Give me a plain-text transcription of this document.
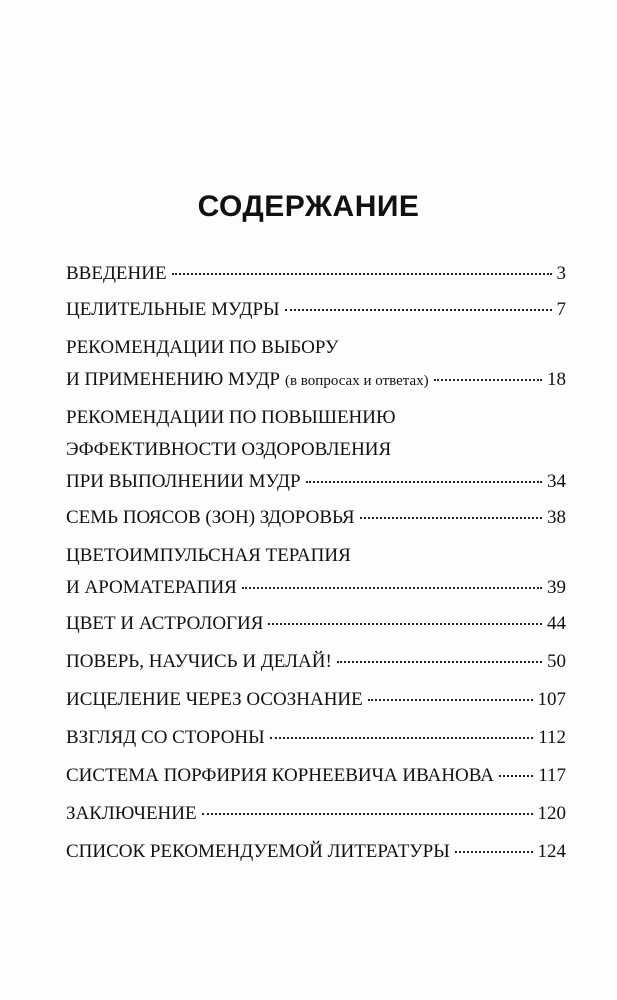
СОДЕРЖАНИЕ
ВВЕДЕНИЕ	3
ЦЕЛИТЕЛЬНЫЕ МУДРЫ	7
РЕКОМЕНДАЦИИ ПО ВЫБОРУ
И ПРИМЕНЕНИЮ МУДР (в вопросах и ответах)	18
РЕКОМЕНДАЦИИ ПО ПОВЫШЕНИЮ
ЭФФЕКТИВНОСТИ ОЗДОРОВЛЕНИЯ
ПРИ ВЫПОЛНЕНИИ МУДР	34
СЕМЬ ПОЯСОВ (ЗОН) ЗДОРОВЬЯ	38
ЦВЕТОИМПУЛЬСНАЯ ТЕРАПИЯ
И АРОМАТЕРАПИЯ	39
ЦВЕТ И АСТРОЛОГИЯ	44
ПОВЕРЬ, НАУЧИСЬ И ДЕЛАЙ!	50
ИСЦЕЛЕНИЕ ЧЕРЕЗ ОСОЗНАНИЕ	107
ВЗГЛЯД СО СТОРОНЫ	112
СИСТЕМА ПОРФИРИЯ КОРНЕЕВИЧА ИВАНОВА 117
ЗАКЛЮЧЕНИЕ	120
СПИСОК РЕКОМЕНДУЕМОЙ ЛИТЕРАТУРЫ	124
